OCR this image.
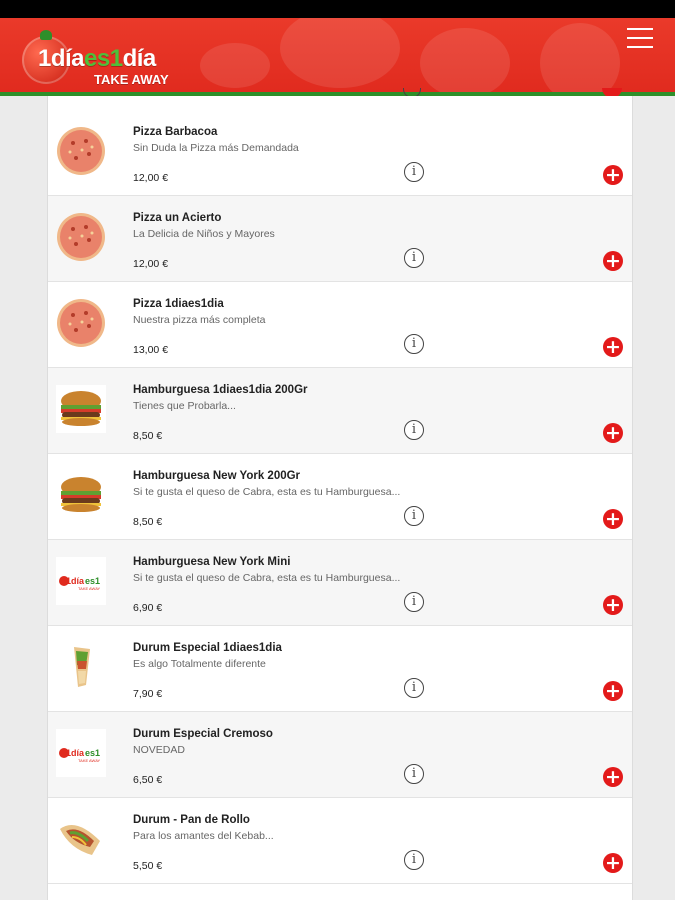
1díaes1día
TAKE AWAY
Pizza Barbacoa
Sin Duda la Pizza más Demandada
12,00 €	i	+
Pizza un Acierto
La Delicia de Niños y Mayores
12,00 €	i	+
Pizza 1diaes1dia
Nuestra pizza más completa
13,00 €	i	+
Hamburguesa 1diaes1dia 200Gr
Tienes que Probarla...
8,50 €	i	+
Hamburguesa New York 200Gr
Si te gusta el queso de Cabra, esta es tu Hamburguesa...
8,50 €	i	+
1día es1
TAKE AWAY
Hamburguesa New York Mini
Si te gusta el queso de Cabra, esta es tu Hamburguesa...
6,90 €	i	+
Durum Especial 1diaes1dia
Es algo Totalmente diferente
7,90 €	i	+
1día es1
TAKE AWAY
Durum Especial Cremoso
NOVEDAD
6,50 €	i	+
Durum - Pan de Rollo
Para los amantes del Kebab...
5,50 €	i	+
